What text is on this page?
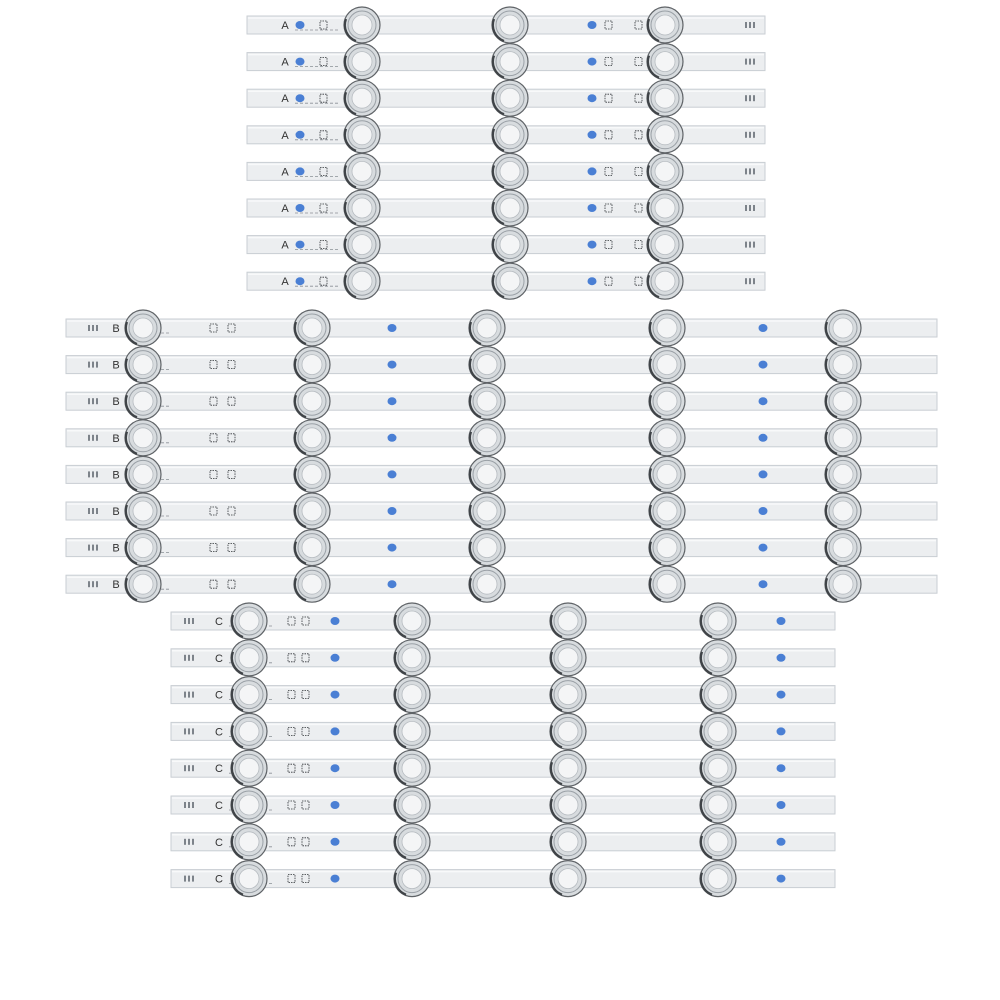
A
A
A
A
A
A
A
A
B
B
B
B
B
B
B
B
C
C
C
C
C
C
C
C
